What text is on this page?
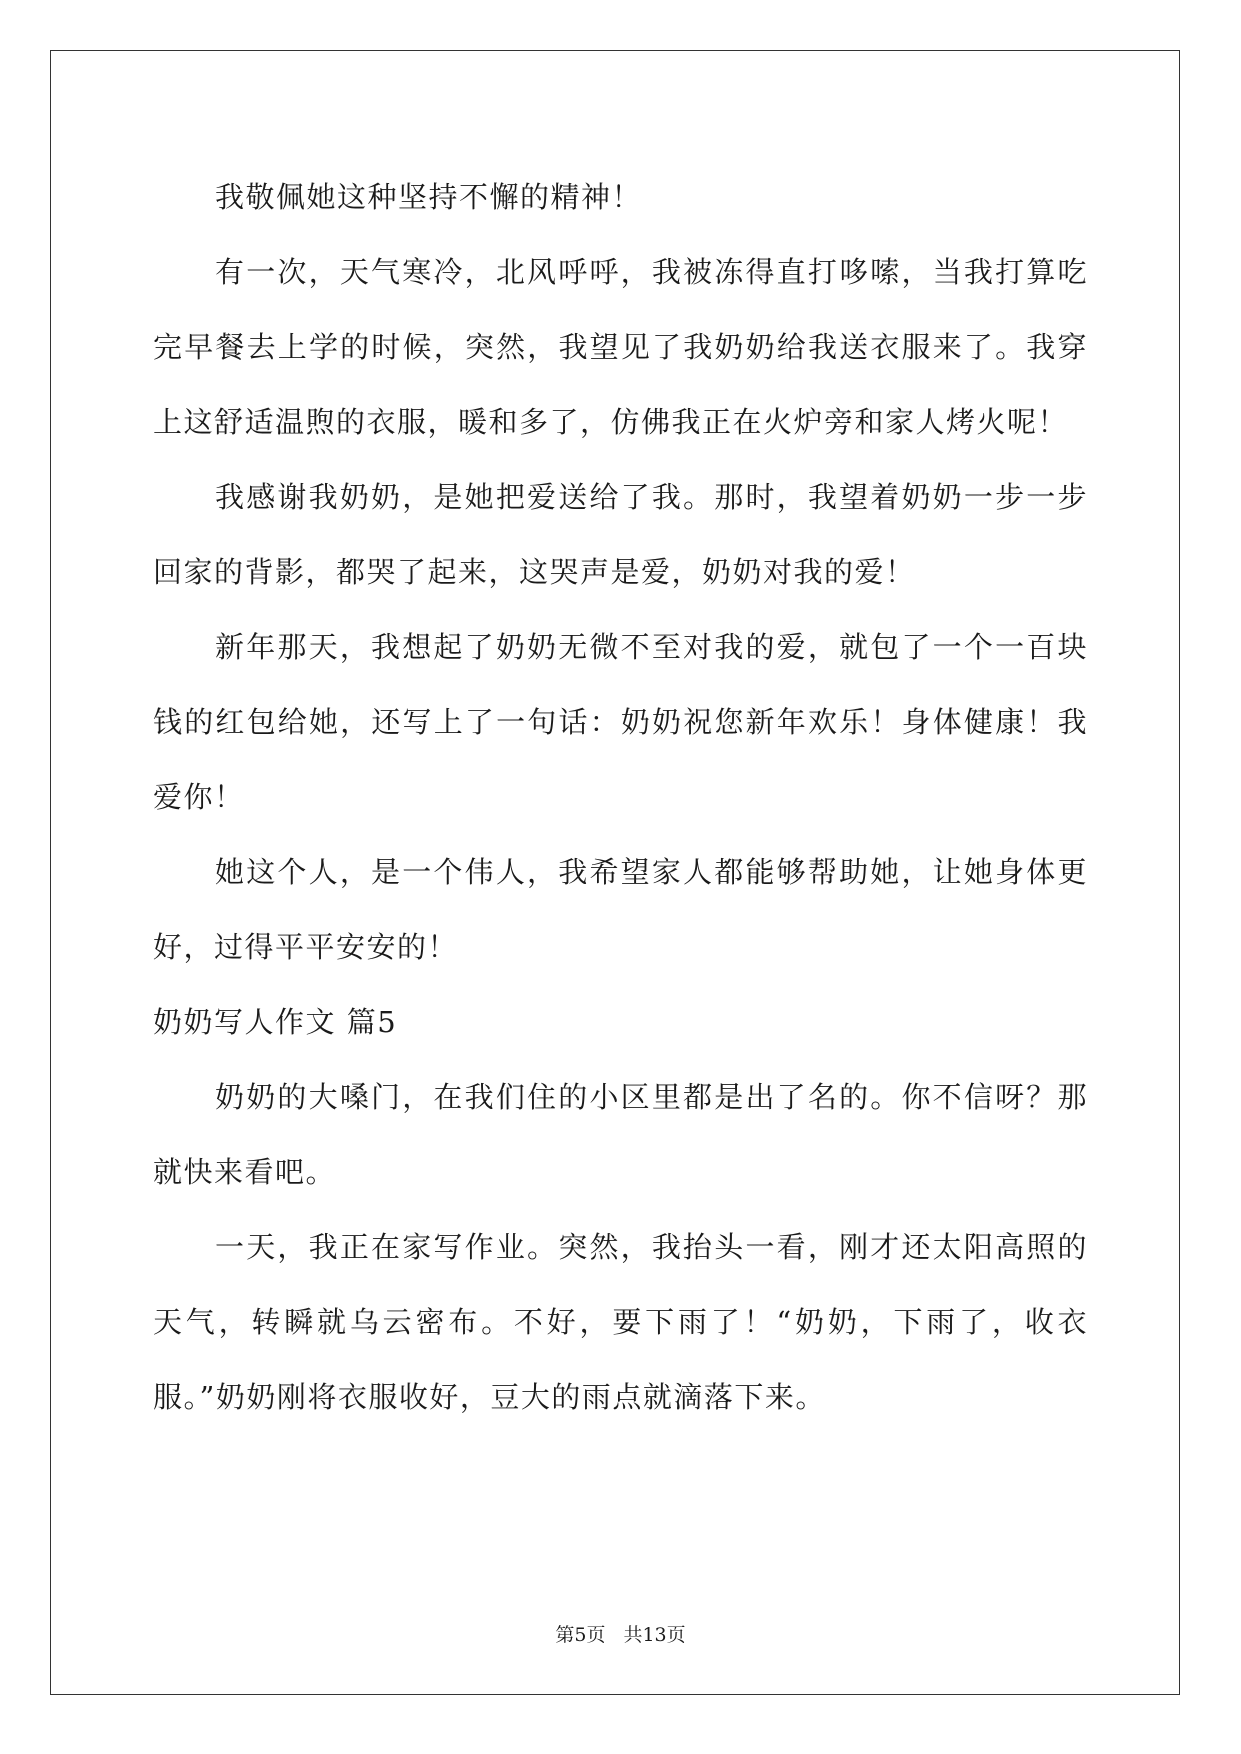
我敬佩她这种坚持不懈的精神！

有一次，天气寒冷，北风呼呼，我被冻得直打哆嗦，当我打算吃完早餐去上学的时候，突然，我望见了我奶奶给我送衣服来了。我穿上这舒适温煦的衣服，暖和多了，仿佛我正在火炉旁和家人烤火呢！

我感谢我奶奶，是她把爱送给了我。那时，我望着奶奶一步一步回家的背影，都哭了起来，这哭声是爱，奶奶对我的爱！

新年那天，我想起了奶奶无微不至对我的爱，就包了一个一百块钱的红包给她，还写上了一句话：奶奶祝您新年欢乐！身体健康！我爱你！

她这个人，是一个伟人，我希望家人都能够帮助她，让她身体更好，过得平平安安的！

奶奶写人作文 篇5

奶奶的大嗓门，在我们住的小区里都是出了名的。你不信呀？那就快来看吧。

一天，我正在家写作业。突然，我抬头一看，刚才还太阳高照的天气，转瞬就乌云密布。不好，要下雨了！“奶奶，下雨了，收衣服。”奶奶刚将衣服收好，豆大的雨点就滴落下来。

第5页 共13页
